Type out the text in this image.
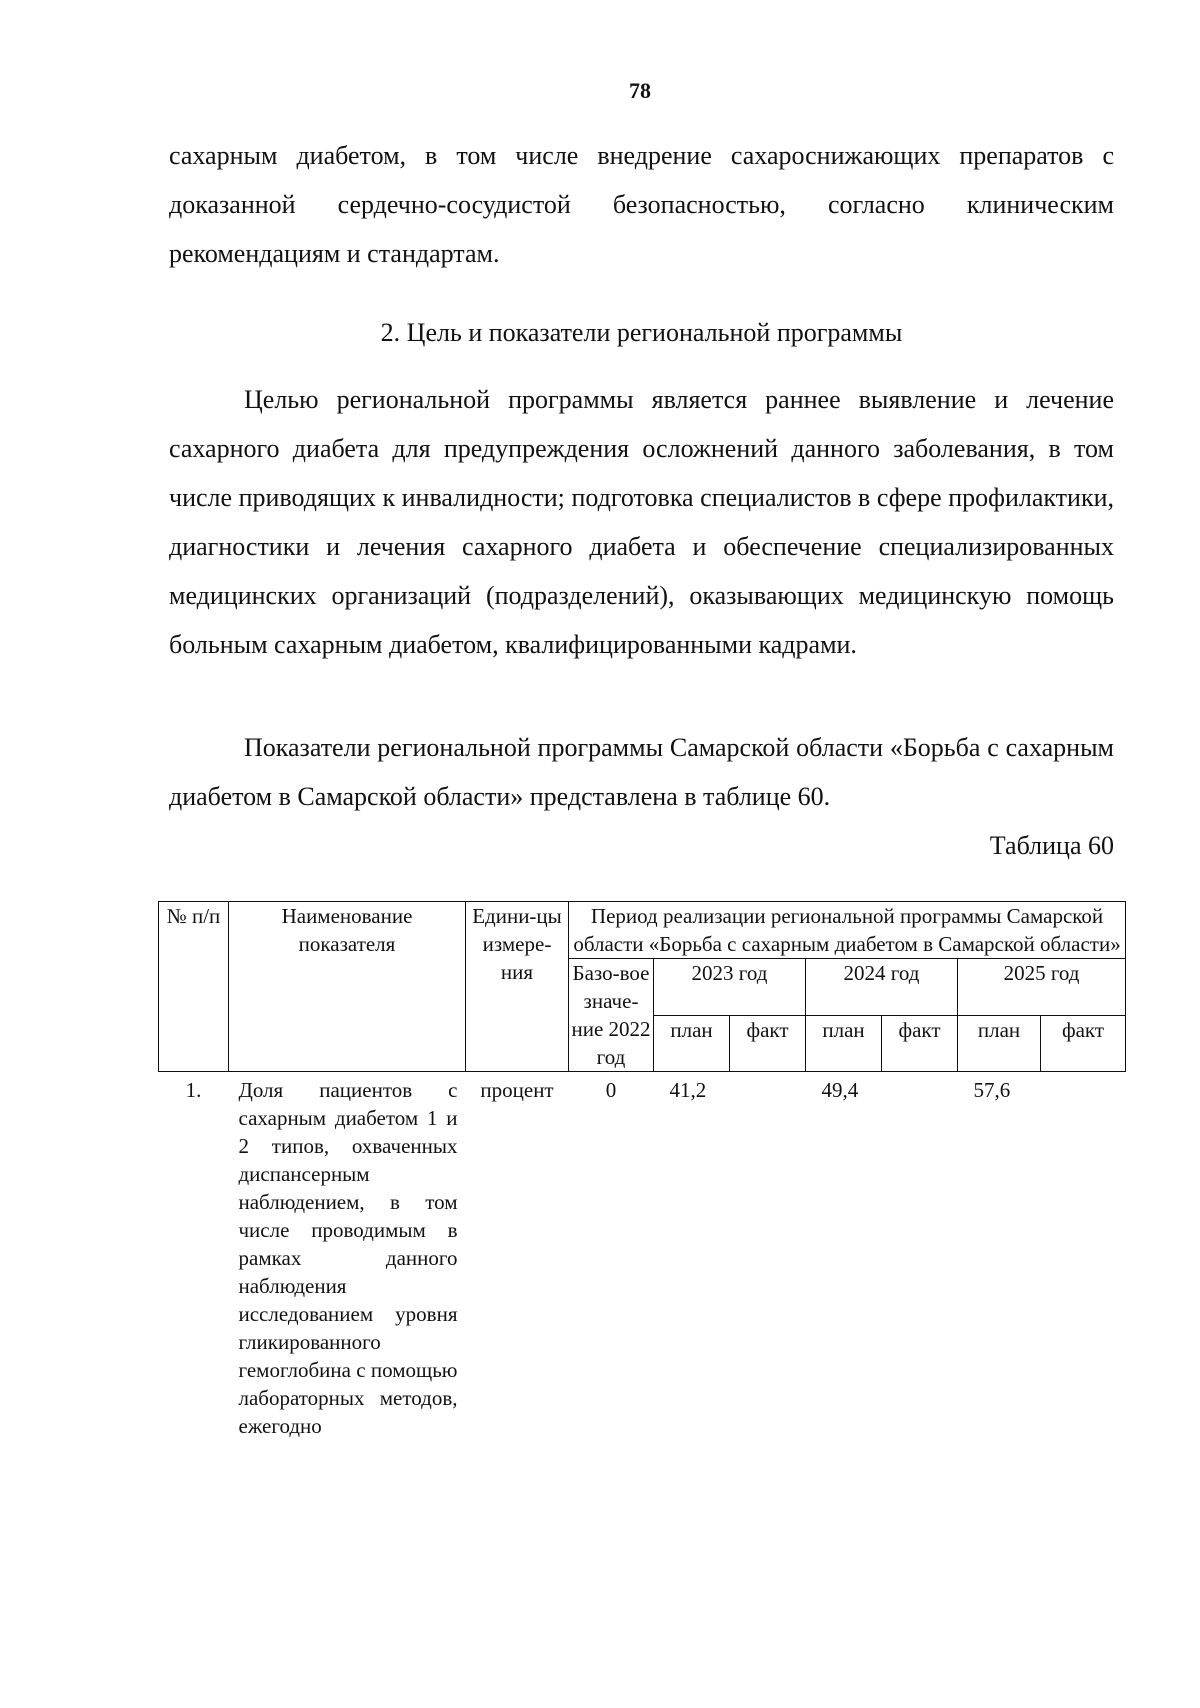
78

сахарным диабетом, в том числе внедрение сахароснижающих препаратов с доказанной сердечно-сосудистой безопасностью, согласно клиническим рекомендациям и стандартам.

2. Цель и показатели региональной программы

Целью региональной программы является раннее выявление и лечение сахарного диабета для предупреждения осложнений данного заболевания, в том числе приводящих к инвалидности; подготовка специалистов в сфере профилактики, диагностики и лечения сахарного диабета и обеспечение специализированных медицинских организаций (подразделений), оказывающих медицинскую помощь больным сахарным диабетом, квалифицированными кадрами.

Показатели региональной программы Самарской области «Борьба с сахарным диабетом в Самарской области» представлена в таблице 60.

Таблица 60
№ п/п	Наименование показателя	Едини-цы измере-ния	Период реализации региональной программы Самарской области «Борьба с сахарным диабетом в Самарской области»						
			Базо-вое значе-ние 2022 год	2023 год		2024 год		2025 год	
				план	факт	план	факт	план	факт
1.	Доля пациентов с сахарным диабетом 1 и 2 типов, охваченных диспансерным наблюдением, в том числе проводимым в рамках данного наблюдения исследованием уровня гликированного гемоглобина с помощью лабораторных методов, ежегодно	процент	0	41,2		49,4		57,6	
